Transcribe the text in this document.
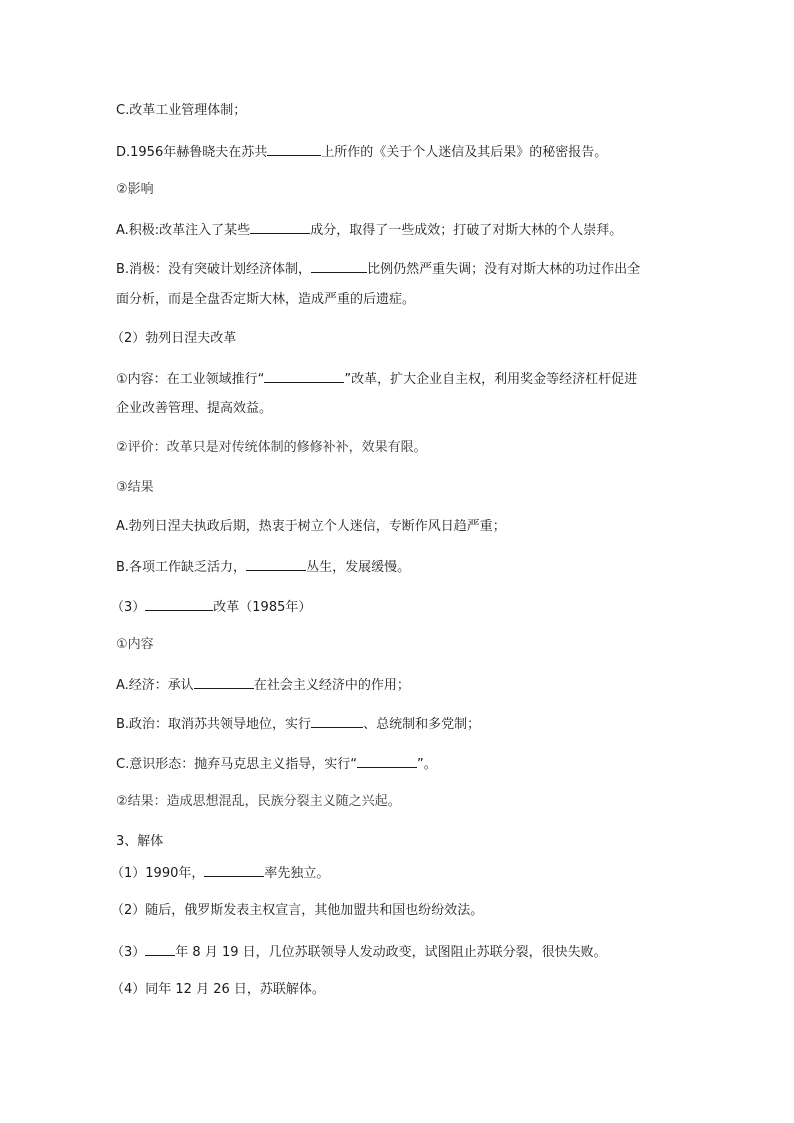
C.改革工业管理体制；
D.1956年赫鲁晓夫在苏共	上所作的《关于个人迷信及其后果》的秘密报告。
②影响
A.积极:改革注入了某些	成分，取得了一些成效；打破了对斯大林的个人崇拜。
B.消极：没有突破计划经济体制，	比例仍然严重失调；没有对斯大林的功过作出全
面分析，而是全盘否定斯大林，造成严重的后遗症。
（2）勃列日涅夫改革
①内容：在工业领域推行“	”改革，扩大企业自主权，利用奖金等经济杠杆促进
企业改善管理、提高效益。
②评价：改革只是对传统体制的修修补补，效果有限。
③结果
A.勃列日涅夫执政后期，热衷于树立个人迷信，专断作风日趋严重；
B.各项工作缺乏活力，	丛生，发展缓慢。
（3）	改革（1985年）
①内容
A.经济：承认	在社会主义经济中的作用；
B.政治：取消苏共领导地位，实行	、总统制和多党制；
C.意识形态：抛弃马克思主义指导，实行“	”。
②结果：造成思想混乱，民族分裂主义随之兴起。
3、解体
（1）1990年，	率先独立。
（2）随后，俄罗斯发表主权宣言，其他加盟共和国也纷纷效法。
（3） 年 8 月 19 日，几位苏联领导人发动政变，试图阻止苏联分裂，很快失败。
（4）同年 12 月 26 日，苏联解体。
